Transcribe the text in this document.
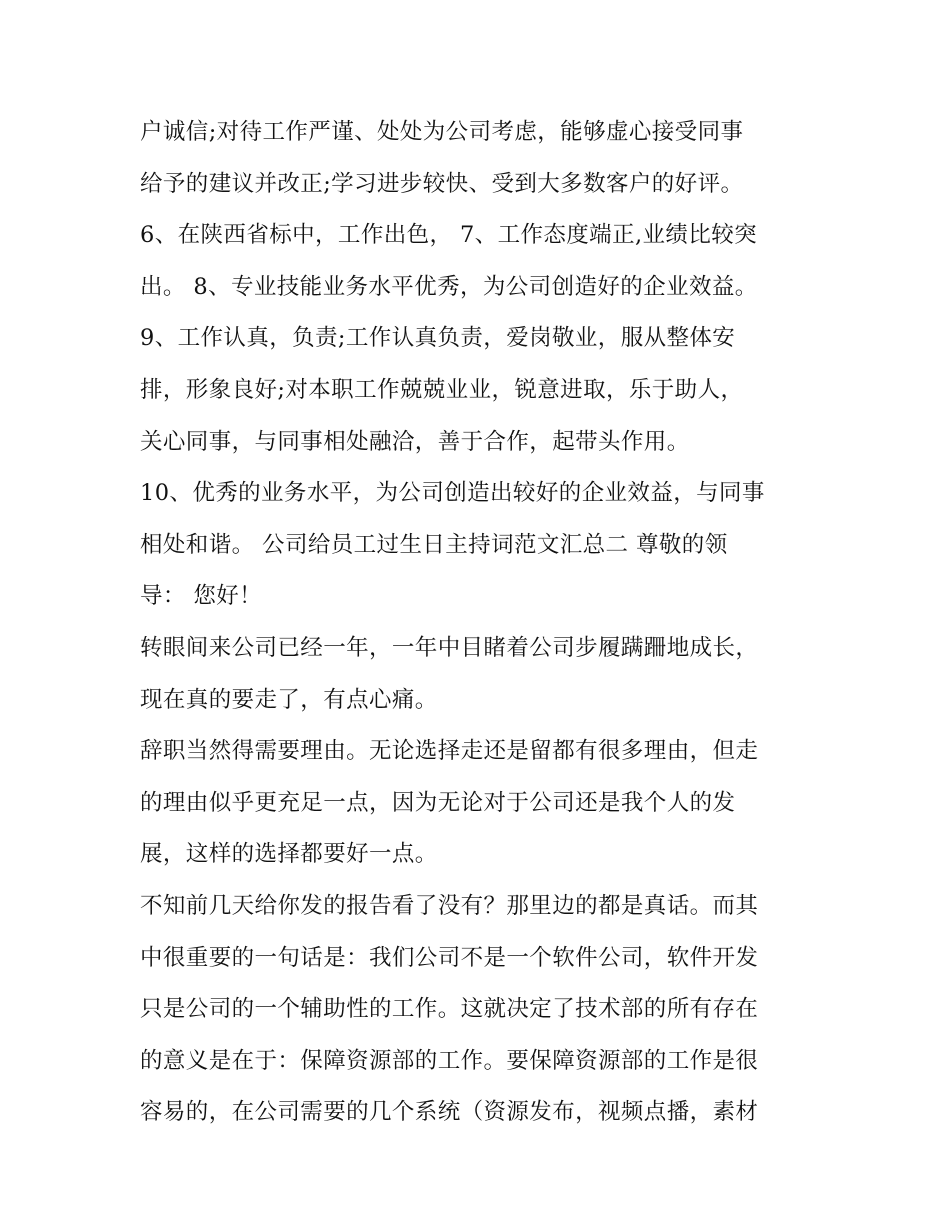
户诚信;对待工作严谨、处处为公司考虑，能够虚心接受同事
给予的建议并改正;学习进步较快、受到大多数客户的好评。
6、在陕西省标中，工作出色， 7、工作态度端正,业绩比较突
出。 8、专业技能业务水平优秀，为公司创造好的企业效益。
9、工作认真，负责;工作认真负责，爱岗敬业，服从整体安
排，形象良好;对本职工作兢兢业业，锐意进取，乐于助人，
关心同事，与同事相处融洽，善于合作，起带头作用。
10、优秀的业务水平，为公司创造出较好的企业效益，与同事
相处和谐。 公司给员工过生日主持词范文汇总二 尊敬的领
导： 您好！
转眼间来公司已经一年，一年中目睹着公司步履蹒跚地成长，
现在真的要走了，有点心痛。
辞职当然得需要理由。无论选择走还是留都有很多理由，但走
的理由似乎更充足一点，因为无论对于公司还是我个人的发
展，这样的选择都要好一点。
不知前几天给你发的报告看了没有？那里边的都是真话。而其
中很重要的一句话是：我们公司不是一个软件公司，软件开发
只是公司的一个辅助性的工作。这就决定了技术部的所有存在
的意义是在于：保障资源部的工作。要保障资源部的工作是很
容易的，在公司需要的几个系统（资源发布，视频点播，素材
